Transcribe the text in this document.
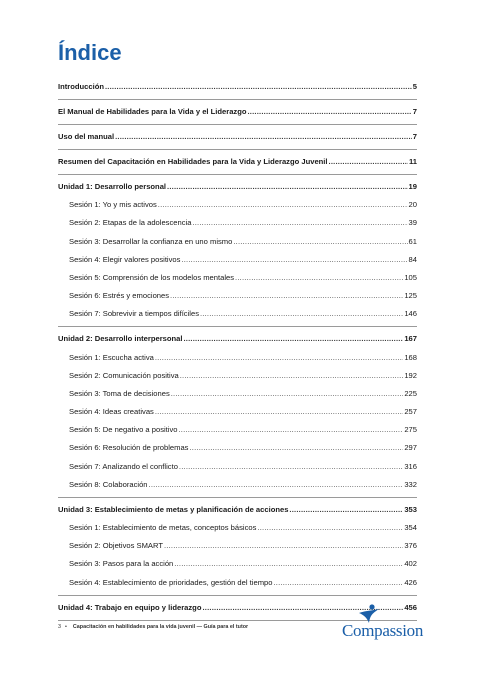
Índice
Introducción .....	5
El Manual de Habilidades para la Vida y el Liderazgo .....	7
Uso del manual .....	7
Resumen del Capacitación en Habilidades para la Vida y Liderazgo Juvenil .....	11
Unidad 1: Desarrollo personal .....	19
Sesión 1: Yo y mis activos .....	20
Sesión 2: Etapas de la adolescencia .....	39
Sesión 3: Desarrollar la confianza en uno mismo .....	61
Sesión 4: Elegir valores positivos .....	84
Sesión 5: Comprensión de los modelos mentales .....	105
Sesión 6: Estrés y emociones .....	125
Sesión 7: Sobrevivir a tiempos difíciles .....	146
Unidad 2: Desarrollo interpersonal .....	167
Sesión 1: Escucha activa .....	168
Sesión 2: Comunicación positiva .....	192
Sesión 3: Toma de decisiones .....	225
Sesión 4: Ideas creativas .....	257
Sesión 5: De negativo a positivo .....	275
Sesión 6: Resolución de problemas .....	297
Sesión 7: Analizando el conflicto .....	316
Sesión 8: Colaboración .....	332
Unidad 3: Establecimiento de metas y planificación de acciones .....	353
Sesión 1: Establecimiento de metas, conceptos básicos .....	354
Sesión 2: Objetivos SMART .....	376
Sesión 3: Pasos para la acción .....	402
Sesión 4: Establecimiento de prioridades, gestión del tiempo .....	426
Unidad 4: Trabajo en equipo y liderazgo .....	456
3 • Capacitación en habilidades para la vida juvenil — Guía para el tutor	Compassion
